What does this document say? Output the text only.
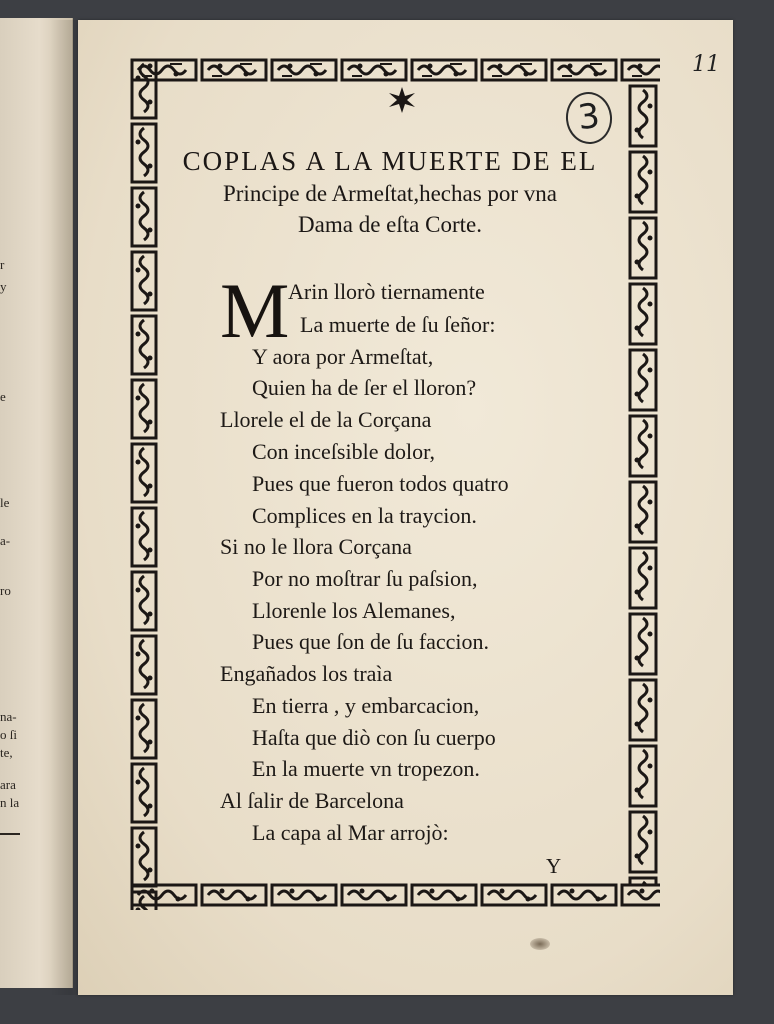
r
y
e
le
a-
ro
na-
o ſi
te,
ara
n la
11
3
COPLAS A LA MUERTE DE EL
Principe de Armeſtat,hechas por vna
Dama de eſta Corte.
M
Arin llorò tiernamente
La muerte de ſu ſeñor:
Y aora por Armeſtat,
Quien ha de ſer el lloron?
Llorele el de la Corçana
Con inceſsible dolor,
Pues que fueron todos quatro
Complices en la traycion.
Si no le llora Corçana
Por no moſtrar ſu paſsion,
Llorenle los Alemanes,
Pues que ſon de ſu faccion.
Engañados los traìa
En tierra , y embarcacion,
Haſta que diò con ſu cuerpo
En la muerte vn tropezon.
Al ſalir de Barcelona
La capa al Mar arrojò:
Y
